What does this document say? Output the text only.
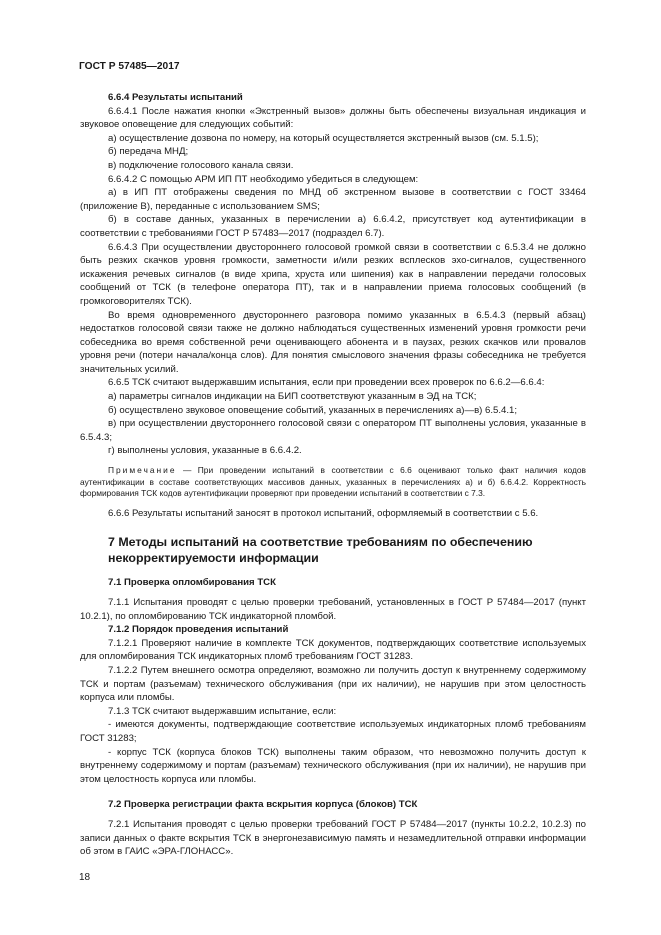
ГОСТ Р 57485—2017

6.6.4 Результаты испытаний

6.6.4.1 После нажатия кнопки «Экстренный вызов» должны быть обеспечены визуальная индикация и звуковое оповещение для следующих событий:

а) осуществление дозвона по номеру, на который осуществляется экстренный вызов (см. 5.1.5);

б) передача МНД;

в) подключение голосового канала связи.

6.6.4.2 С помощью АРМ ИП ПТ необходимо убедиться в следующем:

а) в ИП ПТ отображены сведения по МНД об экстренном вызове в соответствии с ГОСТ 33464 (приложение В), переданные с использованием SMS;

б) в составе данных, указанных в перечислении а) 6.6.4.2, присутствует код аутентификации в соответствии с требованиями ГОСТ Р 57483—2017 (подраздел 6.7).

6.6.4.3 При осуществлении двустороннего голосовой громкой связи в соответствии с 6.5.3.4 не должно быть резких скачков уровня громкости, заметности и/или резких всплесков эхо-сигналов, существенного искажения речевых сигналов (в виде хрипа, хруста или шипения) как в направлении передачи голосовых сообщений от ТСК (в телефоне оператора ПТ), так и в направлении приема голосовых сообщений (в громкоговорителях ТСК).

Во время одновременного двустороннего разговора помимо указанных в 6.5.4.3 (первый абзац) недостатков голосовой связи также не должно наблюдаться существенных изменений уровня громкости речи собеседника во время собственной речи оценивающего абонента и в паузах, резких скачков или провалов уровня речи (потери начала/конца слов). Для понятия смыслового значения фразы собеседника не требуется значительных усилий.

6.6.5 ТСК считают выдержавшим испытания, если при проведении всех проверок по 6.6.2—6.6.4:

а) параметры сигналов индикации на БИП соответствуют указанным в ЭД на ТСК;

б) осуществлено звуковое оповещение событий, указанных в перечислениях а)—в) 6.5.4.1;

в) при осуществлении двустороннего голосовой связи с оператором ПТ выполнены условия, указанные в 6.5.4.3;

г) выполнены условия, указанные в 6.6.4.2.

Примечание — При проведении испытаний в соответствии с 6.6 оценивают только факт наличия кодов аутентификации в составе соответствующих массивов данных, указанных в перечислениях а) и б) 6.6.4.2. Корректность формирования ТСК кодов аутентификации проверяют при проведении испытаний в соответствии с 7.3.

6.6.6 Результаты испытаний заносят в протокол испытаний, оформляемый в соответствии с 5.6.

7 Методы испытаний на соответствие требованиям по обеспечению некорректируемости информации

7.1 Проверка опломбирования ТСК

7.1.1 Испытания проводят с целью проверки требований, установленных в ГОСТ Р 57484—2017 (пункт 10.2.1), по опломбированию ТСК индикаторной пломбой.

7.1.2 Порядок проведения испытаний

7.1.2.1 Проверяют наличие в комплекте ТСК документов, подтверждающих соответствие используемых для опломбирования ТСК индикаторных пломб требованиям ГОСТ 31283.

7.1.2.2 Путем внешнего осмотра определяют, возможно ли получить доступ к внутреннему содержимому ТСК и портам (разъемам) технического обслуживания (при их наличии), не нарушив при этом целостность корпуса или пломбы.

7.1.3 ТСК считают выдержавшим испытание, если:

- имеются документы, подтверждающие соответствие используемых индикаторных пломб требованиям ГОСТ 31283;

- корпус ТСК (корпуса блоков ТСК) выполнены таким образом, что невозможно получить доступ к внутреннему содержимому и портам (разъемам) технического обслуживания (при их наличии), не нарушив при этом целостность корпуса или пломбы.

7.2 Проверка регистрации факта вскрытия корпуса (блоков) ТСК

7.2.1 Испытания проводят с целью проверки требований ГОСТ Р 57484—2017 (пункты 10.2.2, 10.2.3) по записи данных о факте вскрытия ТСК в энергонезависимую память и незамедлительной отправки информации об этом в ГАИС «ЭРА-ГЛОНАСС».

18
